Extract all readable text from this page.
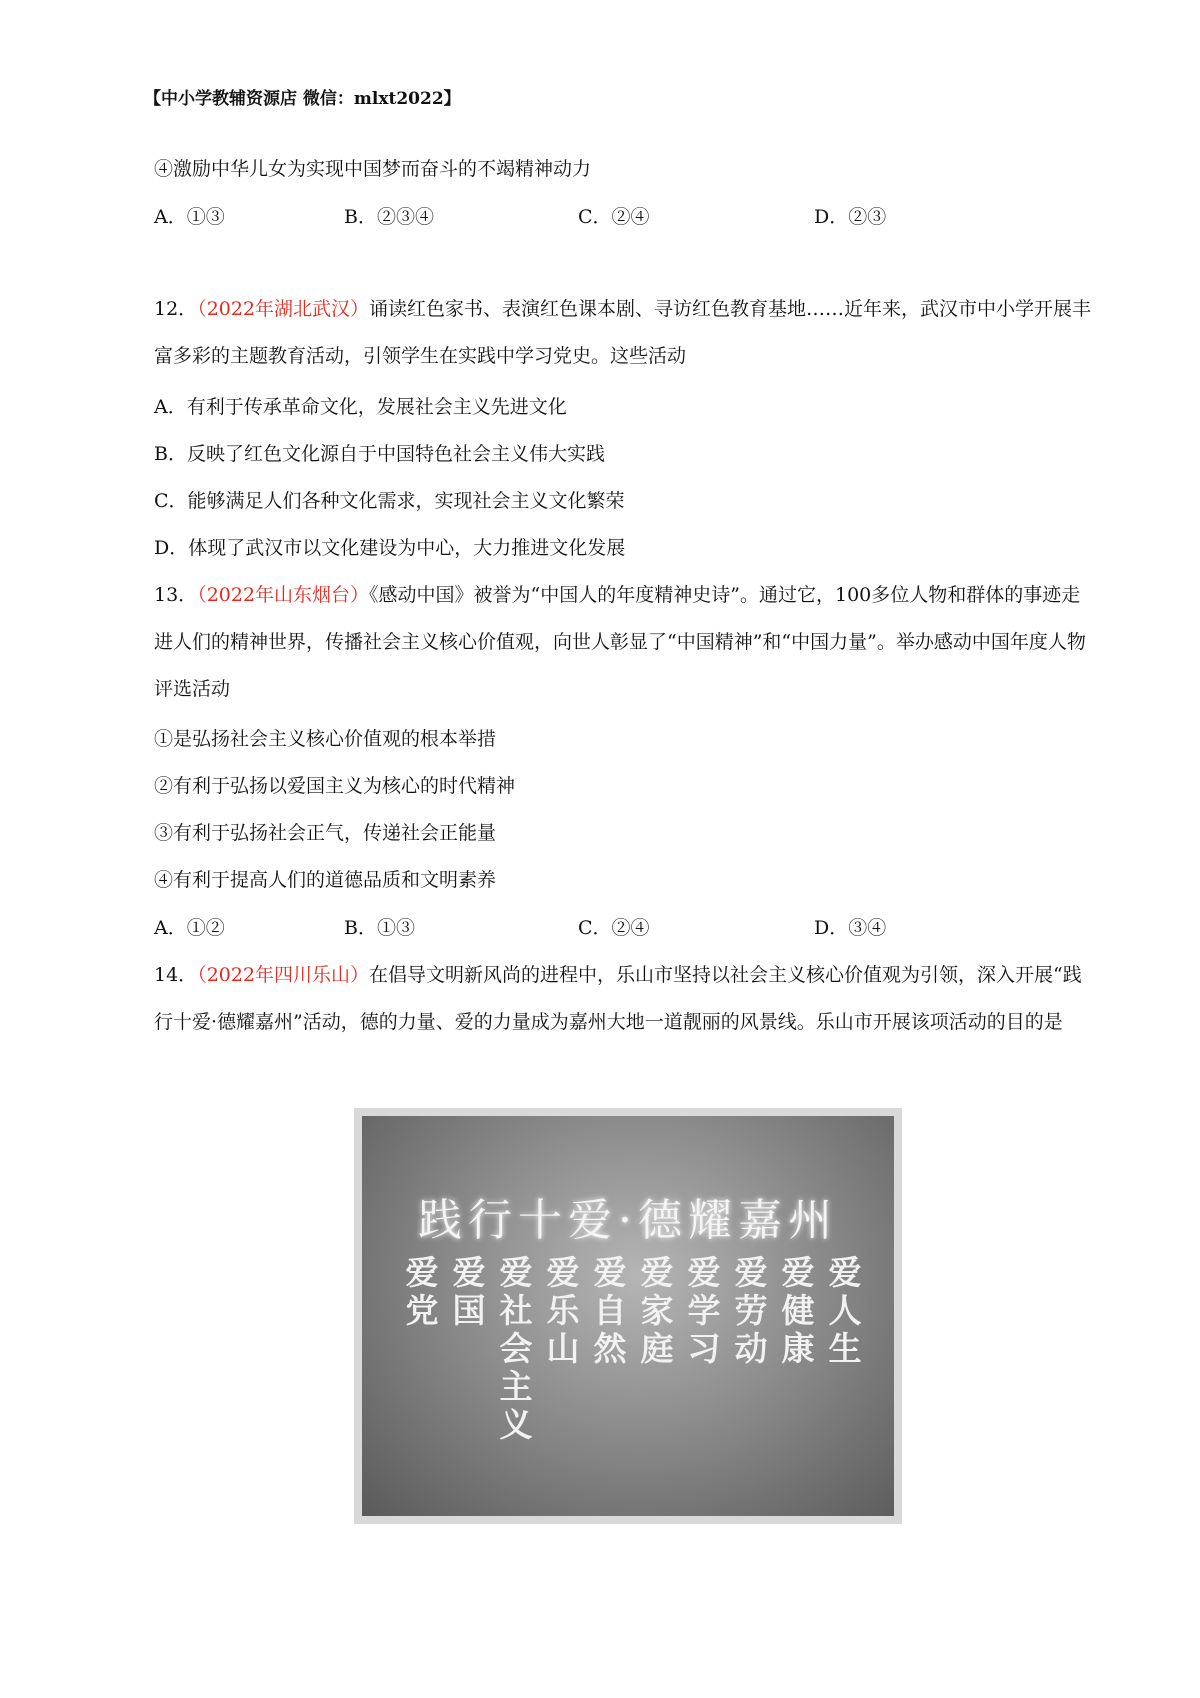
【中小学教辅资源店 微信：mlxt2022】
④激励中华儿女为实现中国梦而奋斗的不竭精神动力
A．①③	B．②③④	C．②④	D．②③
12．（2022年湖北武汉）诵读红色家书、表演红色课本剧、寻访红色教育基地……近年来，武汉市中小学开展丰富多彩的主题教育活动，引领学生在实践中学习党史。这些活动
A．有利于传承革命文化，发展社会主义先进文化
B．反映了红色文化源自于中国特色社会主义伟大实践
C．能够满足人们各种文化需求，实现社会主义文化繁荣
D．体现了武汉市以文化建设为中心，大力推进文化发展
13．（2022年山东烟台）《感动中国》被誉为“中国人的年度精神史诗”。通过它，100多位人物和群体的事迹走进人们的精神世界，传播社会主义核心价值观，向世人彰显了“中国精神”和“中国力量”。举办感动中国年度人物评选活动
①是弘扬社会主义核心价值观的根本举措
②有利于弘扬以爱国主义为核心的时代精神
③有利于弘扬社会正气，传递社会正能量
④有利于提高人们的道德品质和文明素养
A．①②	B．①③	C．②④	D．③④
14．（2022年四川乐山）在倡导文明新风尚的进程中，乐山市坚持以社会主义核心价值观为引领，深入开展“践行十爱·德耀嘉州”活动，德的力量、爱的力量成为嘉州大地一道靓丽的风景线。乐山市开展该项活动的目的是
践行十爱·德耀嘉州
爱党
爱国
爱社会主义
爱乐山
爱自然
爱家庭
爱学习
爱劳动
爱健康
爱人生
